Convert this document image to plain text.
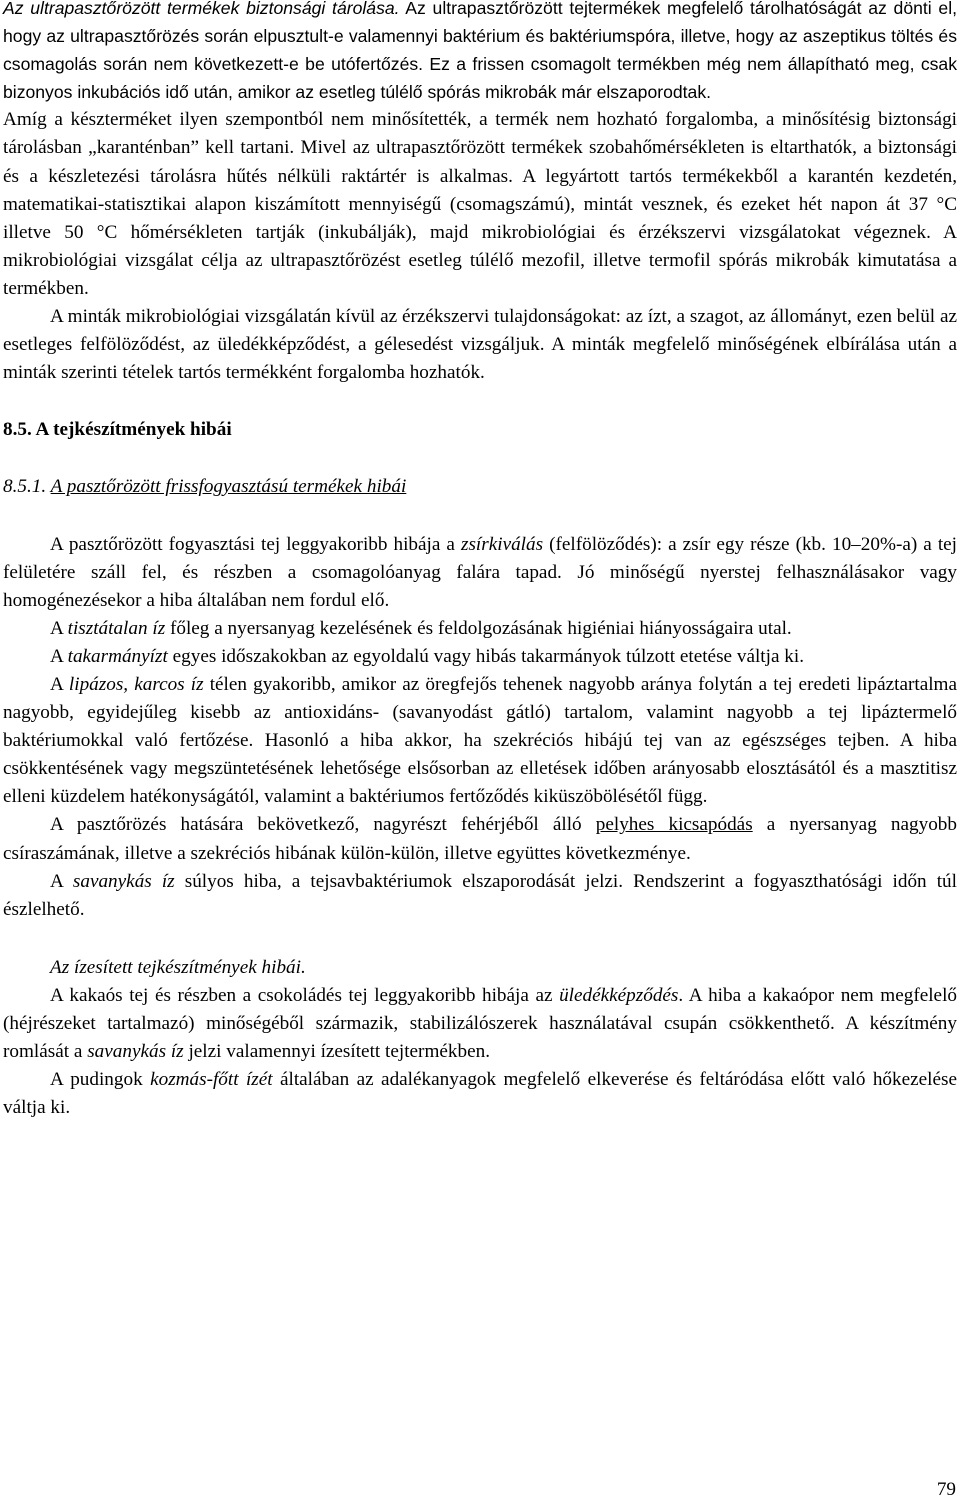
Az ultrapasztőrözött termékek biztonsági tárolása. Az ultrapasztőrözött tejtermékek megfelelő tárolhatóságát az dönti el, hogy az ultrapasztőrözés során elpusztult-e valamennyi baktérium és baktériumspóra, illetve, hogy az aszeptikus töltés és csomagolás során nem következett-e be utófertőzés. Ez a frissen csomagolt termékben még nem állapítható meg, csak bizonyos inkubációs idő után, amikor az esetleg túlélő spórás mikrobák már elszaporodtak.

Amíg a készterméket ilyen szempontból nem minősítették, a termék nem hozható forgalomba, a minősítésig biztonsági tárolásban „karanténban” kell tartani. Mivel az ultrapasztőrözött termékek szobahőmérsékleten is eltarthatók, a biztonsági és a készletezési tárolásra hűtés nélküli raktártér is alkalmas. A legyártott tartós termékekből a karantén kezdetén, matematikai-statisztikai alapon kiszámított mennyiségű (csomagszámú), mintát vesznek, és ezeket hét napon át 37 °C illetve 50 °C hőmérsékleten tartják (inkubálják), majd mikrobiológiai és érzékszervi vizsgálatokat végeznek. A mikrobiológiai vizsgálat célja az ultrapasztőrözést esetleg túlélő mezofil, illetve termofil spórás mikrobák kimutatása a termékben.

A minták mikrobiológiai vizsgálatán kívül az érzékszervi tulajdonságokat: az ízt, a szagot, az állományt, ezen belül az esetleges felfölöződést, az üledékképződést, a gélesedést vizsgáljuk. A minták megfelelő minőségének elbírálása után a minták szerinti tételek tartós termékként forgalomba hozhatók.

8.5. A tejkészítmények hibái

8.5.1. A pasztőrözött frissfogyasztású termékek hibái

A pasztőrözött fogyasztási tej leggyakoribb hibája a zsírkiválás (felfölöződés): a zsír egy része (kb. 10‒20%-a) a tej felületére száll fel, és részben a csomagolóanyag falára tapad. Jó minőségű nyerstej felhasználásakor vagy homogénezésekor a hiba általában nem fordul elő.

A tisztátalan íz főleg a nyersanyag kezelésének és feldolgozásának higiéniai hiányosságaira utal.

A takarmányízt egyes időszakokban az egyoldalú vagy hibás takarmányok túlzott etetése váltja ki.

A lipázos, karcos íz télen gyakoribb, amikor az öregfejős tehenek nagyobb aránya folytán a tej eredeti lipáztartalma nagyobb, egyidejűleg kisebb az antioxidáns- (savanyodást gátló) tartalom, valamint nagyobb a tej lipáztermelő baktériumokkal való fertőzése. Hasonló a hiba akkor, ha szekréciós hibájú tej van az egészséges tejben. A hiba csökkentésének vagy megszüntetésének lehetősége elsősorban az elletések időben arányosabb elosztásától és a masztitisz elleni küzdelem hatékonyságától, valamint a baktériumos fertőződés kiküszöbölésétől függ.

A pasztőrözés hatására bekövetkező, nagyrészt fehérjéből álló pelyhes kicsapódás a nyersanyag nagyobb csíraszámának, illetve a szekréciós hibának külön-külön, illetve együttes következménye.

A savanykás íz súlyos hiba, a tejsavbaktériumok elszaporodását jelzi. Rendszerint a fogyaszthatósági időn túl észlelhető.

Az ízesített tejkészítmények hibái.

A kakaós tej és részben a csokoládés tej leggyakoribb hibája az üledékképződés. A hiba a kakaópor nem megfelelő (héjrészeket tartalmazó) minőségéből származik, stabilizálószerek használatával csupán csökkenthető. A készítmény romlását a savanykás íz jelzi valamennyi ízesített tejtermékben.

A pudingok kozmás-főtt ízét általában az adalékanyagok megfelelő elkeverése és feltáródása előtt való hőkezelése váltja ki.

79
